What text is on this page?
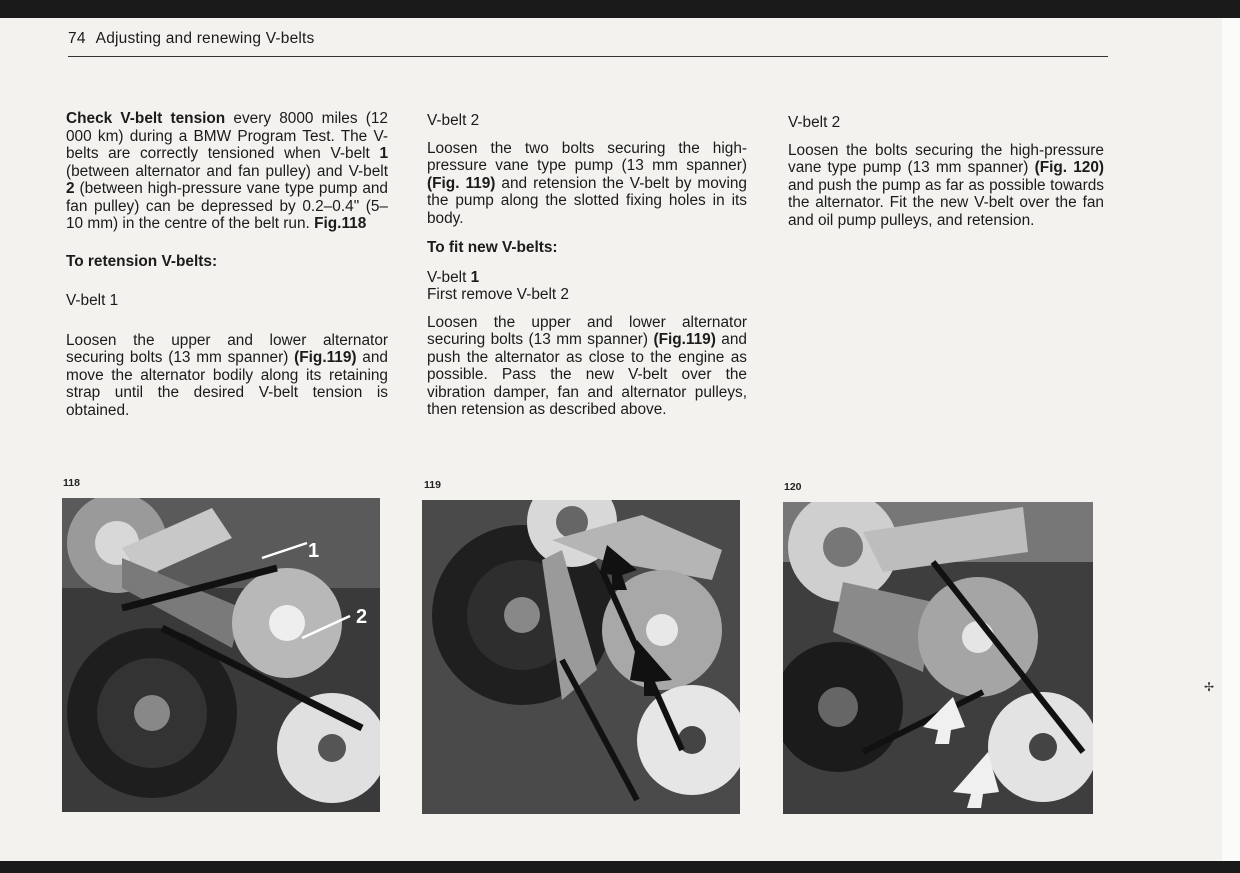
74 Adjusting and renewing V-belts

Check V-belt tension every 8000 miles (12 000 km) during a BMW Program Test. The V-belts are correctly tensioned when V-belt 1 (between alternator and fan pulley) and V-belt 2 (between high-pressure vane type pump and fan pulley) can be depressed by 0.2–0.4" (5–10 mm) in the centre of the belt run. Fig.118

To retension V-belts:

V-belt 1

Loosen the upper and lower alternator securing bolts (13 mm spanner) (Fig.119) and move the alternator bodily along its retaining strap until the desired V-belt tension is obtained.

V-belt 2

Loosen the two bolts securing the high-pressure vane type pump (13 mm spanner) (Fig. 119) and retension the V-belt by moving the pump along the slotted fixing holes in its body.

To fit new V-belts:

V-belt 1

First remove V-belt 2

Loosen the upper and lower alternator securing bolts (13 mm spanner) (Fig.119) and push the alternator as close to the engine as possible. Pass the new V-belt over the vibration damper, fan and alternator pulleys, then retension as described above.

V-belt 2

Loosen the bolts securing the high-pressure vane type pump (13 mm spanner) (Fig. 120) and push the pump as far as possible towards the alternator. Fit the new V-belt over the fan and oil pump pulleys, and retension.

118	119	120
1
2
✢
